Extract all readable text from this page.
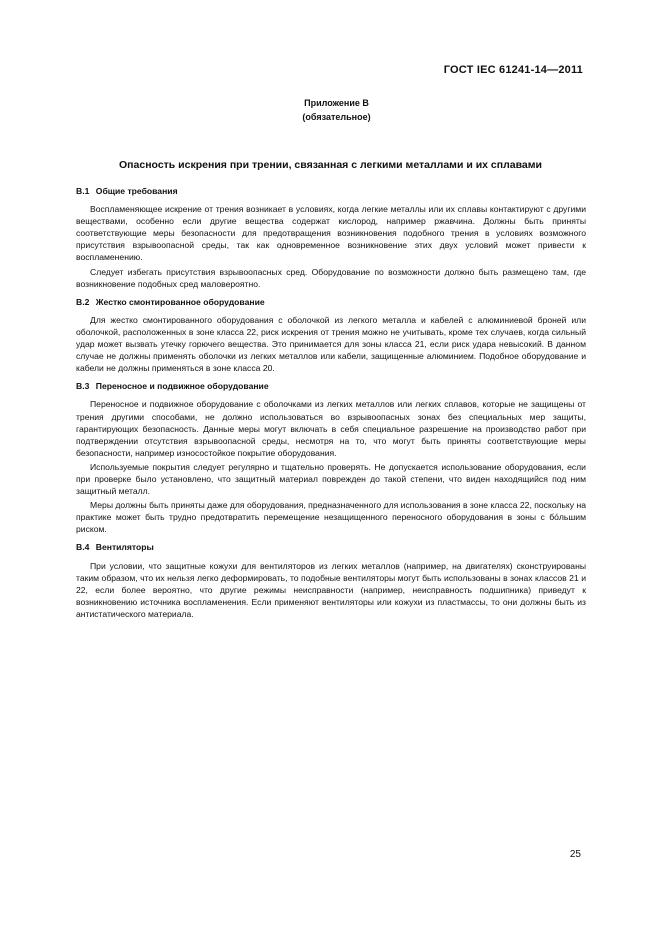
ГОСТ IEC 61241-14—2011
Приложение В
(обязательное)
Опасность искрения при трении, связанная с легкими металлами и их сплавами
В.1 Общие требования

Воспламеняющее искрение от трения возникает в условиях, когда легкие металлы или их сплавы контактируют с другими веществами, особенно если другие вещества содержат кислород, например ржавчина. Должны быть приняты соответствующие меры безопасности для предотвращения возникновения подобного трения в условиях возможного присутствия взрывоопасной среды, так как одновременное возникновение этих двух условий может привести к воспламенению.

Следует избегать присутствия взрывоопасных сред. Оборудование по возможности должно быть размещено там, где возникновение подобных сред маловероятно.

В.2 Жестко смонтированное оборудование

Для жестко смонтированного оборудования с оболочкой из легкого металла и кабелей с алюминиевой броней или оболочкой, расположенных в зоне класса 22, риск искрения от трения можно не учитывать, кроме тех случаев, когда сильный удар может вызвать утечку горючего вещества. Это принимается для зоны класса 21, если риск удара невысокий. В данном случае не должны применять оболочки из легких металлов или кабели, защищенные алюминием. Подобное оборудование и кабели не должны применяться в зоне класса 20.

В.3 Переносное и подвижное оборудование

Переносное и подвижное оборудование с оболочками из легких металлов или легких сплавов, которые не защищены от трения другими способами, не должно использоваться во взрывоопасных зонах без специальных мер защиты, гарантирующих безопасность. Данные меры могут включать в себя специальное разрешение на производство работ при подтверждении отсутствия взрывоопасной среды, несмотря на то, что могут быть приняты соответствующие меры безопасности, например износостойкое покрытие оборудования.

Используемые покрытия следует регулярно и тщательно проверять. Не допускается использование оборудования, если при проверке было установлено, что защитный материал поврежден до такой степени, что виден находящийся под ним защитный металл.

Меры должны быть приняты даже для оборудования, предназначенного для использования в зоне класса 22, поскольку на практике может быть трудно предотвратить перемещение незащищенного переносного оборудования в зоны с бо́льшим риском.

В.4 Вентиляторы

При условии, что защитные кожухи для вентиляторов из легких металлов (например, на двигателях) сконструированы таким образом, что их нельзя легко деформировать, то подобные вентиляторы могут быть использованы в зонах классов 21 и 22, если более вероятно, что другие режимы неисправности (например, неисправность подшипника) приведут к возникновению источника воспламенения. Если применяют вентиляторы или кожухи из пластмассы, то они должны быть из антистатического материала.

25
